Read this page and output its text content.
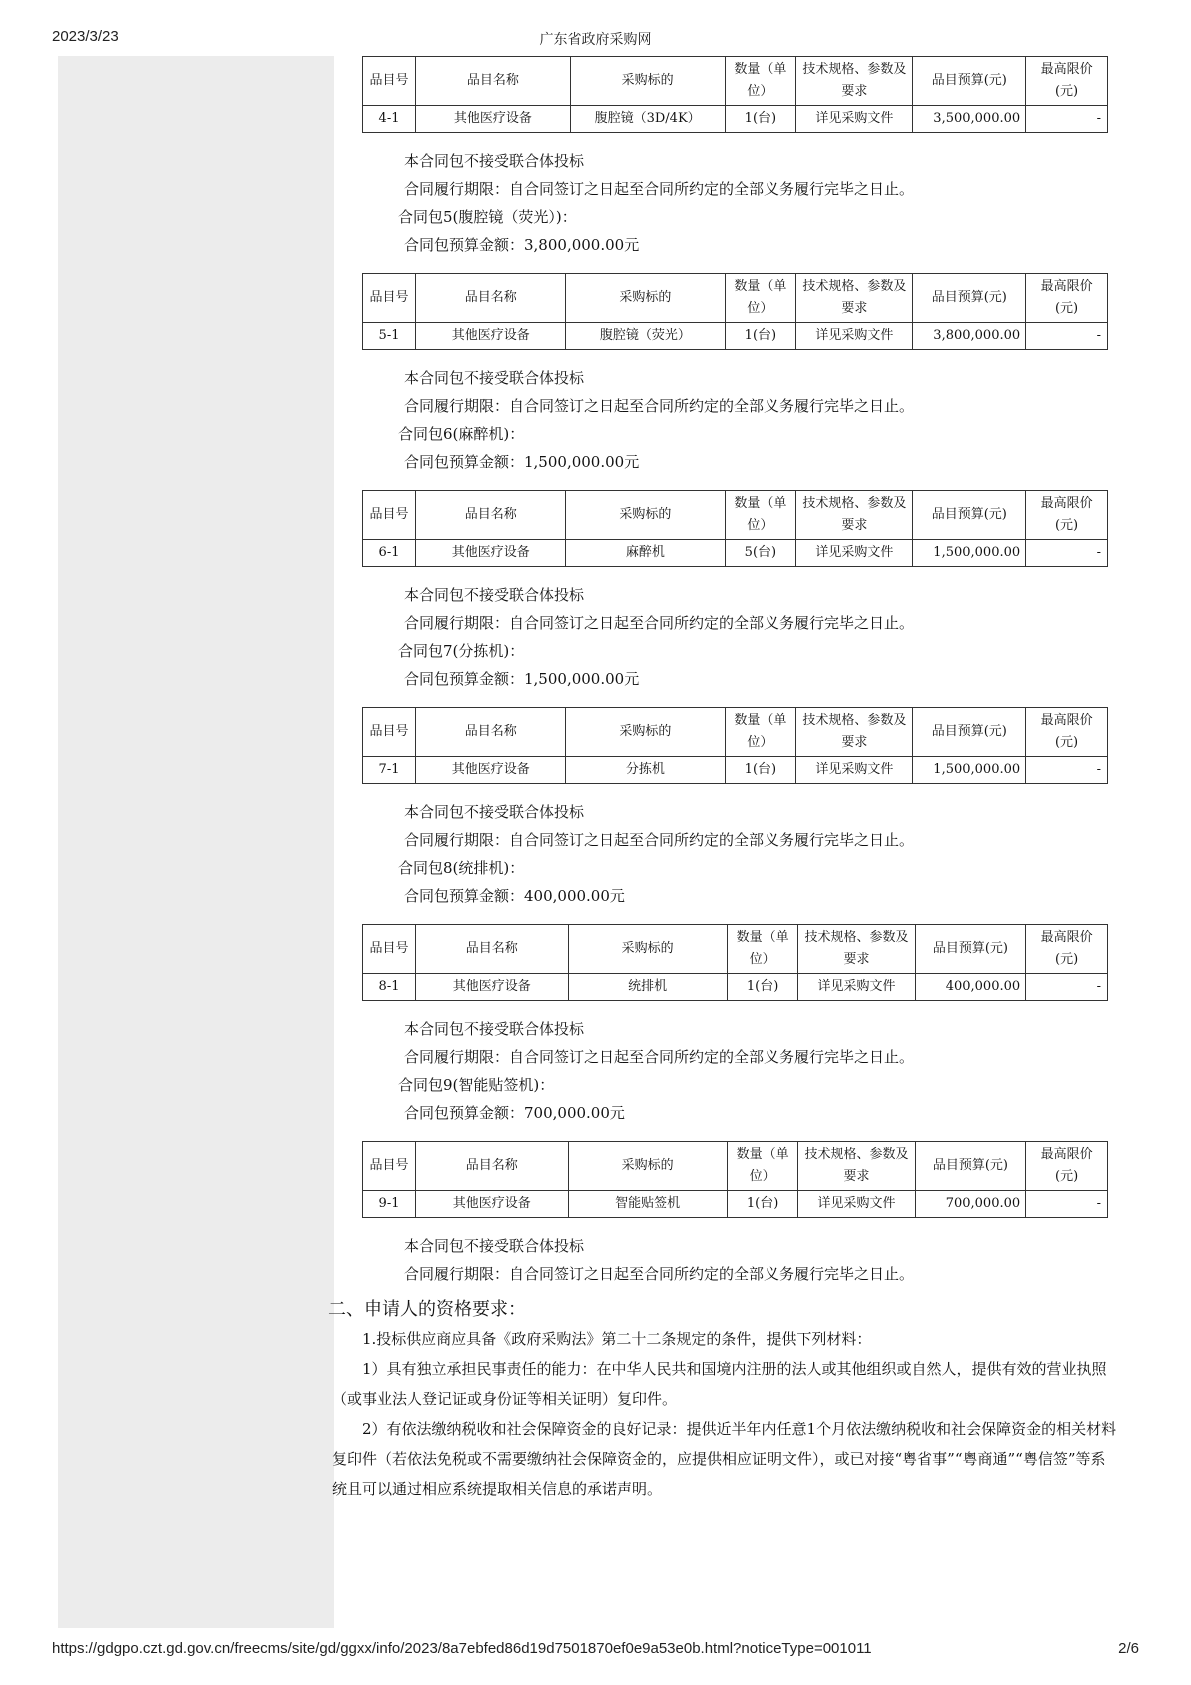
2023/3/23	广东省政府采购网
品目号	品目名称	采购标的	数量（单位）	技术规格、参数及要求	品目预算(元)	最高限价(元)
4-1	其他医疗设备	腹腔镜（3D/4K）	1(台)	详见采购文件	3,500,000.00	-
本合同包不接受联合体投标
合同履行期限：自合同签订之日起至合同所约定的全部义务履行完毕之日止。
合同包5(腹腔镜（荧光）)：
合同包预算金额：3,800,000.00元
品目号	品目名称	采购标的	数量（单位）	技术规格、参数及要求	品目预算(元)	最高限价(元)
5-1	其他医疗设备	腹腔镜（荧光）	1(台)	详见采购文件	3,800,000.00	-
本合同包不接受联合体投标
合同履行期限：自合同签订之日起至合同所约定的全部义务履行完毕之日止。
合同包6(麻醉机)：
合同包预算金额：1,500,000.00元
品目号	品目名称	采购标的	数量（单位）	技术规格、参数及要求	品目预算(元)	最高限价(元)
6-1	其他医疗设备	麻醉机	5(台)	详见采购文件	1,500,000.00	-
本合同包不接受联合体投标
合同履行期限：自合同签订之日起至合同所约定的全部义务履行完毕之日止。
合同包7(分拣机)：
合同包预算金额：1,500,000.00元
品目号	品目名称	采购标的	数量（单位）	技术规格、参数及要求	品目预算(元)	最高限价(元)
7-1	其他医疗设备	分拣机	1(台)	详见采购文件	1,500,000.00	-
本合同包不接受联合体投标
合同履行期限：自合同签订之日起至合同所约定的全部义务履行完毕之日止。
合同包8(统排机)：
合同包预算金额：400,000.00元
品目号	品目名称	采购标的	数量（单位）	技术规格、参数及要求	品目预算(元)	最高限价(元)
8-1	其他医疗设备	统排机	1(台)	详见采购文件	400,000.00	-
本合同包不接受联合体投标
合同履行期限：自合同签订之日起至合同所约定的全部义务履行完毕之日止。
合同包9(智能贴签机)：
合同包预算金额：700,000.00元
品目号	品目名称	采购标的	数量（单位）	技术规格、参数及要求	品目预算(元)	最高限价(元)
9-1	其他医疗设备	智能贴签机	1(台)	详见采购文件	700,000.00	-
本合同包不接受联合体投标
合同履行期限：自合同签订之日起至合同所约定的全部义务履行完毕之日止。
二、申请人的资格要求：
1.投标供应商应具备《政府采购法》第二十二条规定的条件，提供下列材料：
1）具有独立承担民事责任的能力：在中华人民共和国境内注册的法人或其他组织或自然人，提供有效的营业执照（或事业法人登记证或身份证等相关证明）复印件。
2）有依法缴纳税收和社会保障资金的良好记录：提供近半年内任意1个月依法缴纳税收和社会保障资金的相关材料复印件（若依法免税或不需要缴纳社会保障资金的，应提供相应证明文件），或已对接“粤省事”“粤商通”“粤信签”等系统且可以通过相应系统提取相关信息的承诺声明。
https://gdgpo.czt.gd.gov.cn/freecms/site/gd/ggxx/info/2023/8a7ebfed86d19d7501870ef0e9a53e0b.html?noticeType=001011	2/6
